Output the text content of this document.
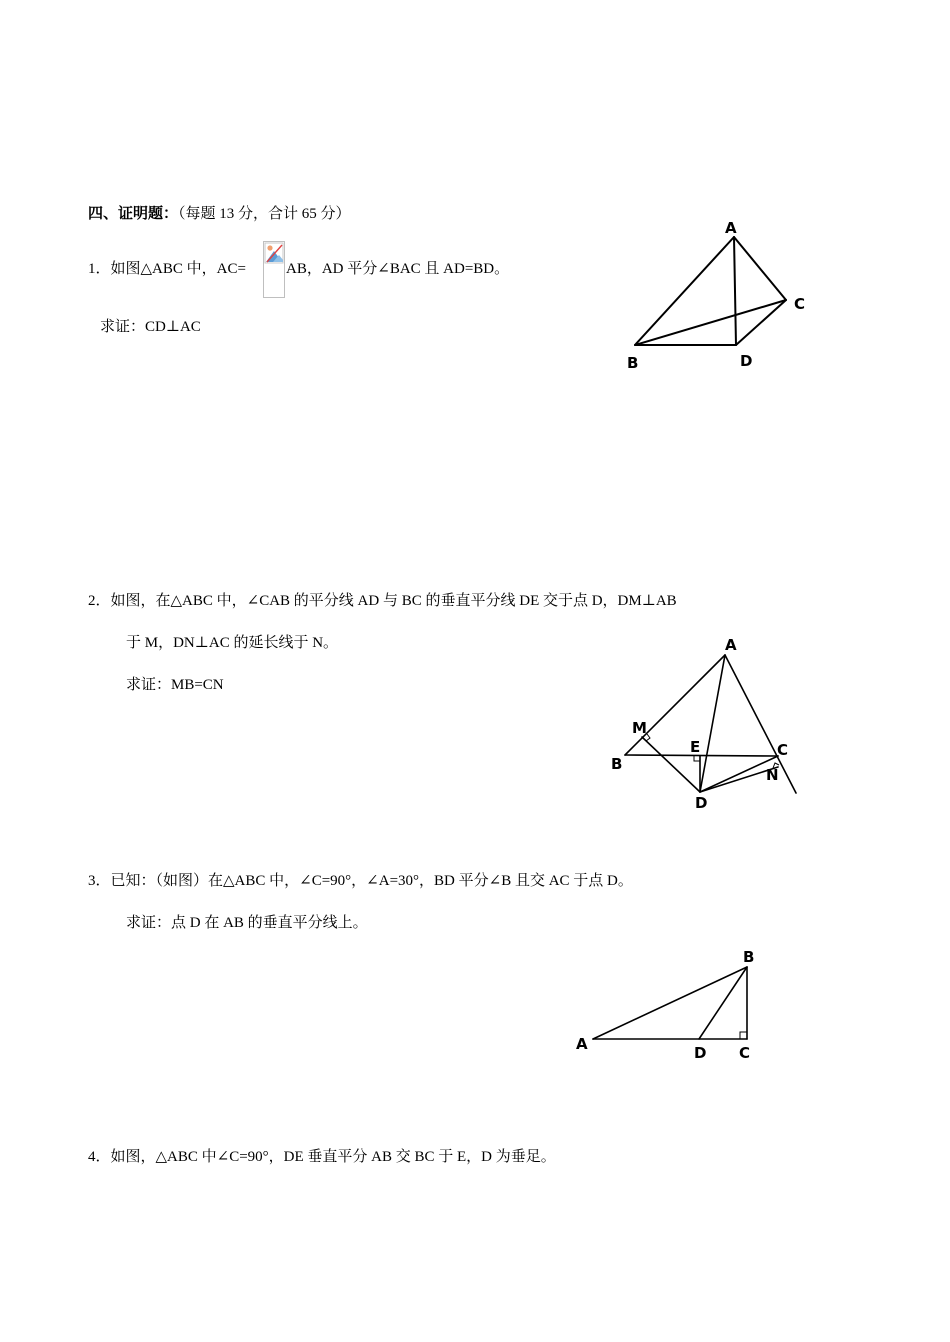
四、证明题：（每题 13 分，合计 65 分）
1．如图△ABC 中，AC=	AB，AD 平分∠BAC 且 AD=BD。
求证：CD⊥AC
A
B
C
D
2．如图，在△ABC 中，∠CAB 的平分线 AD 与 BC 的垂直平分线 DE 交于点 D，DM⊥AB
于 M，DN⊥AC 的延长线于 N。
求证：MB=CN
A
B
C
D
E
M
N
3．已知：（如图）在△ABC 中，∠C=90°，∠A=30°，BD 平分∠B 且交 AC 于点 D。
求证：点 D 在 AB 的垂直平分线上。
B
A	D C
4．如图，△ABC 中∠C=90°，DE 垂直平分 AB 交 BC 于 E，D 为垂足。
